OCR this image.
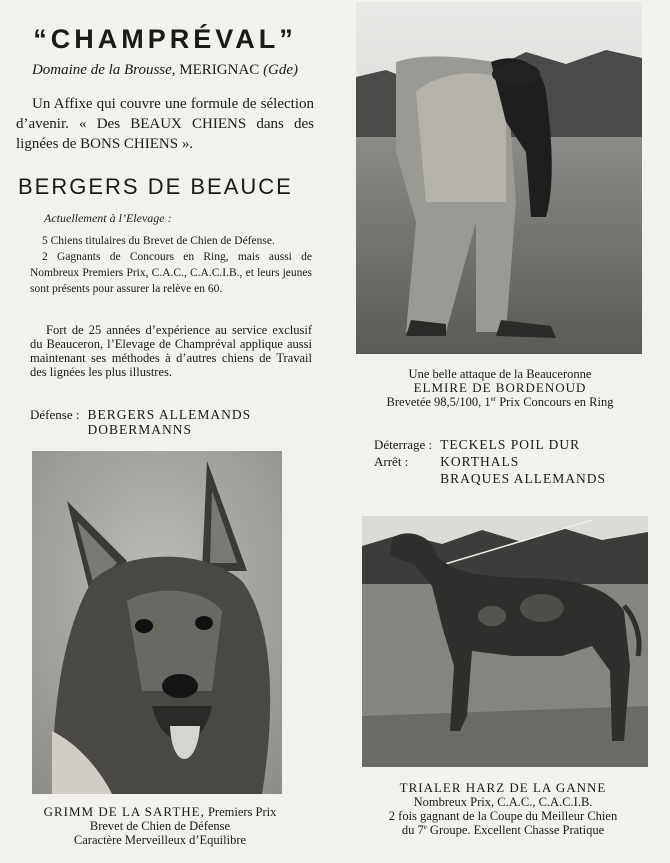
“CHAMPRÉVAL”
Domaine de la Brousse, MERIGNAC (Gde)
Un Affixe qui couvre une formule de sélection d’avenir. « Des BEAUX CHIENS dans des lignées de BONS CHIENS ».
BERGERS DE BEAUCE
Actuellement à l’Elevage :

5 Chiens titulaires du Brevet de Chien de Défense.

2 Gagnants de Concours en Ring, mais aussi de Nombreux Premiers Prix, C.A.C., C.A.C.I.B., et leurs jeunes sont présents pour assurer la relève en 60.

Fort de 25 années d’expérience au service exclusif du Beauceron, l’Elevage de Champréval applique aussi maintenant ses méthodes à d’autres chiens de Travail des lignées les plus illustres.
Défense : BERGERS ALLEMANDS
DOBERMANNS
Une belle attaque de la Beauceronne
ELMIRE DE BORDENOUD
Brevetée 98,5/100, 1er Prix Concours en Ring
Déterrage : TECKELS POIL DUR
Arrêt :	KORTHALS
BRAQUES ALLEMANDS
GRIMM DE LA SARTHE, Premiers Prix
Brevet de Chien de Défense
Caractère Merveilleux d’Equilibre
TRIALER HARZ DE LA GANNE
Nombreux Prix, C.A.C., C.A.C.I.B.
2 fois gagnant de la Coupe du Meilleur Chien
du 7e Groupe. Excellent Chasse Pratique
